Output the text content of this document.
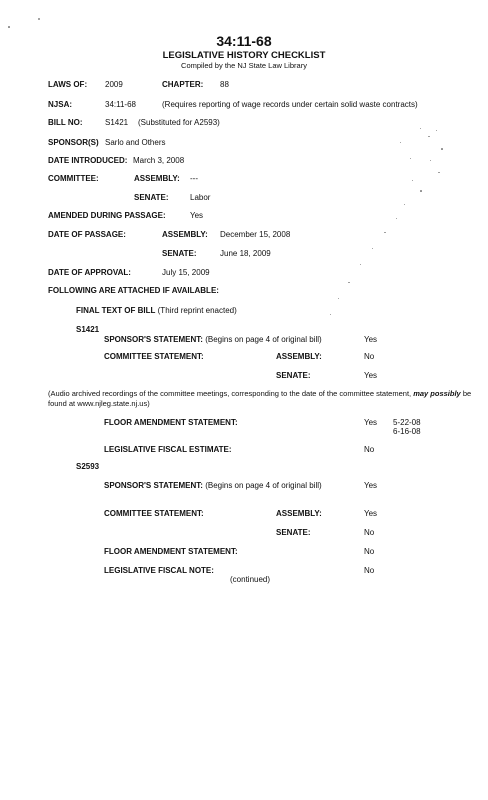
34:11-68
LEGISLATIVE HISTORY CHECKLIST
Compiled by the NJ State Law Library
LAWS OF: 2009	CHAPTER: 88
NJSA:	34:11-68	(Requires reporting of wage records under certain solid waste contracts)
BILL NO:	S1421 (Substituted for A2593)
SPONSOR(S) Sarlo and Others
DATE INTRODUCED: March 3, 2008
COMMITTEE:	ASSEMBLY: ---
SENATE:	Labor
AMENDED DURING PASSAGE:	Yes
DATE OF PASSAGE:	ASSEMBLY: December 15, 2008
SENATE:	June 18, 2009
DATE OF APPROVAL:	July 15, 2009
FOLLOWING ARE ATTACHED IF AVAILABLE:
FINAL TEXT OF BILL (Third reprint enacted)
S1421
SPONSOR'S STATEMENT: (Begins on page 4 of original bill)	Yes
COMMITTEE STATEMENT:	ASSEMBLY:	No
SENATE:	Yes
(Audio archived recordings of the committee meetings, corresponding to the date of the committee statement, may possibly be found at www.njleg.state.nj.us)
FLOOR AMENDMENT STATEMENT:	Yes 5-22-08
6-16-08
LEGISLATIVE FISCAL ESTIMATE:	No
S2593
SPONSOR'S STATEMENT: (Begins on page 4 of original bill)	Yes
COMMITTEE STATEMENT:	ASSEMBLY:	Yes
SENATE:	No
FLOOR AMENDMENT STATEMENT:	No
LEGISLATIVE FISCAL NOTE:	No
(continued)
